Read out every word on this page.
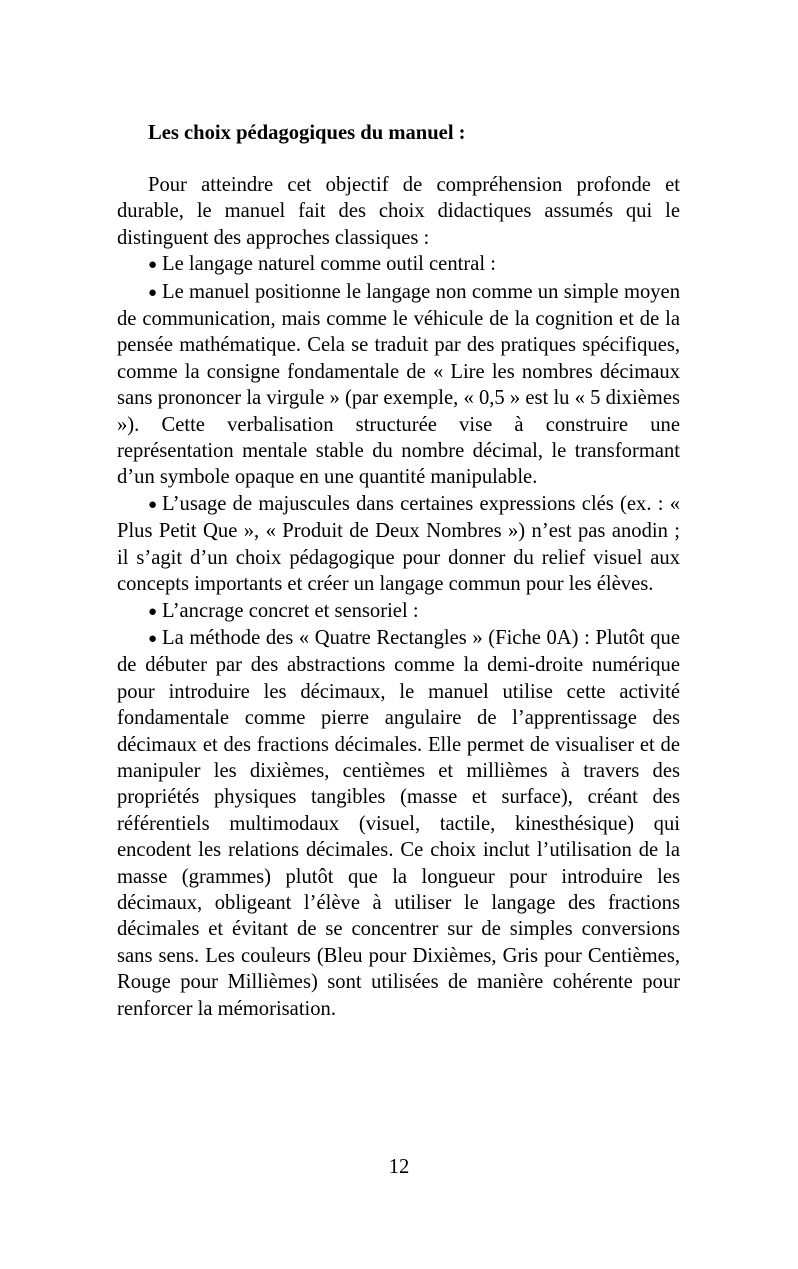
Les choix pédagogiques du manuel :

Pour atteindre cet objectif de compréhension profonde et durable, le manuel fait des choix didactiques assumés qui le distinguent des approches classiques :

● Le langage naturel comme outil central :

● Le manuel positionne le langage non comme un simple moyen de communication, mais comme le véhicule de la cognition et de la pensée mathématique. Cela se traduit par des pratiques spécifiques, comme la consigne fondamentale de « Lire les nombres décimaux sans prononcer la virgule » (par exemple, « 0,5 » est lu « 5 dixièmes »). Cette verbalisation structurée vise à construire une représentation mentale stable du nombre décimal, le transformant d’un symbole opaque en une quantité manipulable.

● L’usage de majuscules dans certaines expressions clés (ex. : « Plus Petit Que », « Produit de Deux Nombres ») n’est pas anodin ; il s’agit d’un choix pédagogique pour donner du relief visuel aux concepts importants et créer un langage commun pour les élèves.

● L’ancrage concret et sensoriel :

● La méthode des « Quatre Rectangles » (Fiche 0A) : Plutôt que de débuter par des abstractions comme la demi-droite numérique pour introduire les décimaux, le manuel utilise cette activité fondamentale comme pierre angulaire de l’apprentissage des décimaux et des fractions décimales. Elle permet de visualiser et de manipuler les dixièmes, centièmes et millièmes à travers des propriétés physiques tangibles (masse et surface), créant des référentiels multimodaux (visuel, tactile, kinesthésique) qui encodent les relations décimales. Ce choix inclut l’utilisation de la masse (grammes) plutôt que la longueur pour introduire les décimaux, obligeant l’élève à utiliser le langage des fractions décimales et évitant de se concentrer sur de simples conversions sans sens. Les couleurs (Bleu pour Dixièmes, Gris pour Centièmes, Rouge pour Millièmes) sont utilisées de manière cohérente pour renforcer la mémorisation.

12
